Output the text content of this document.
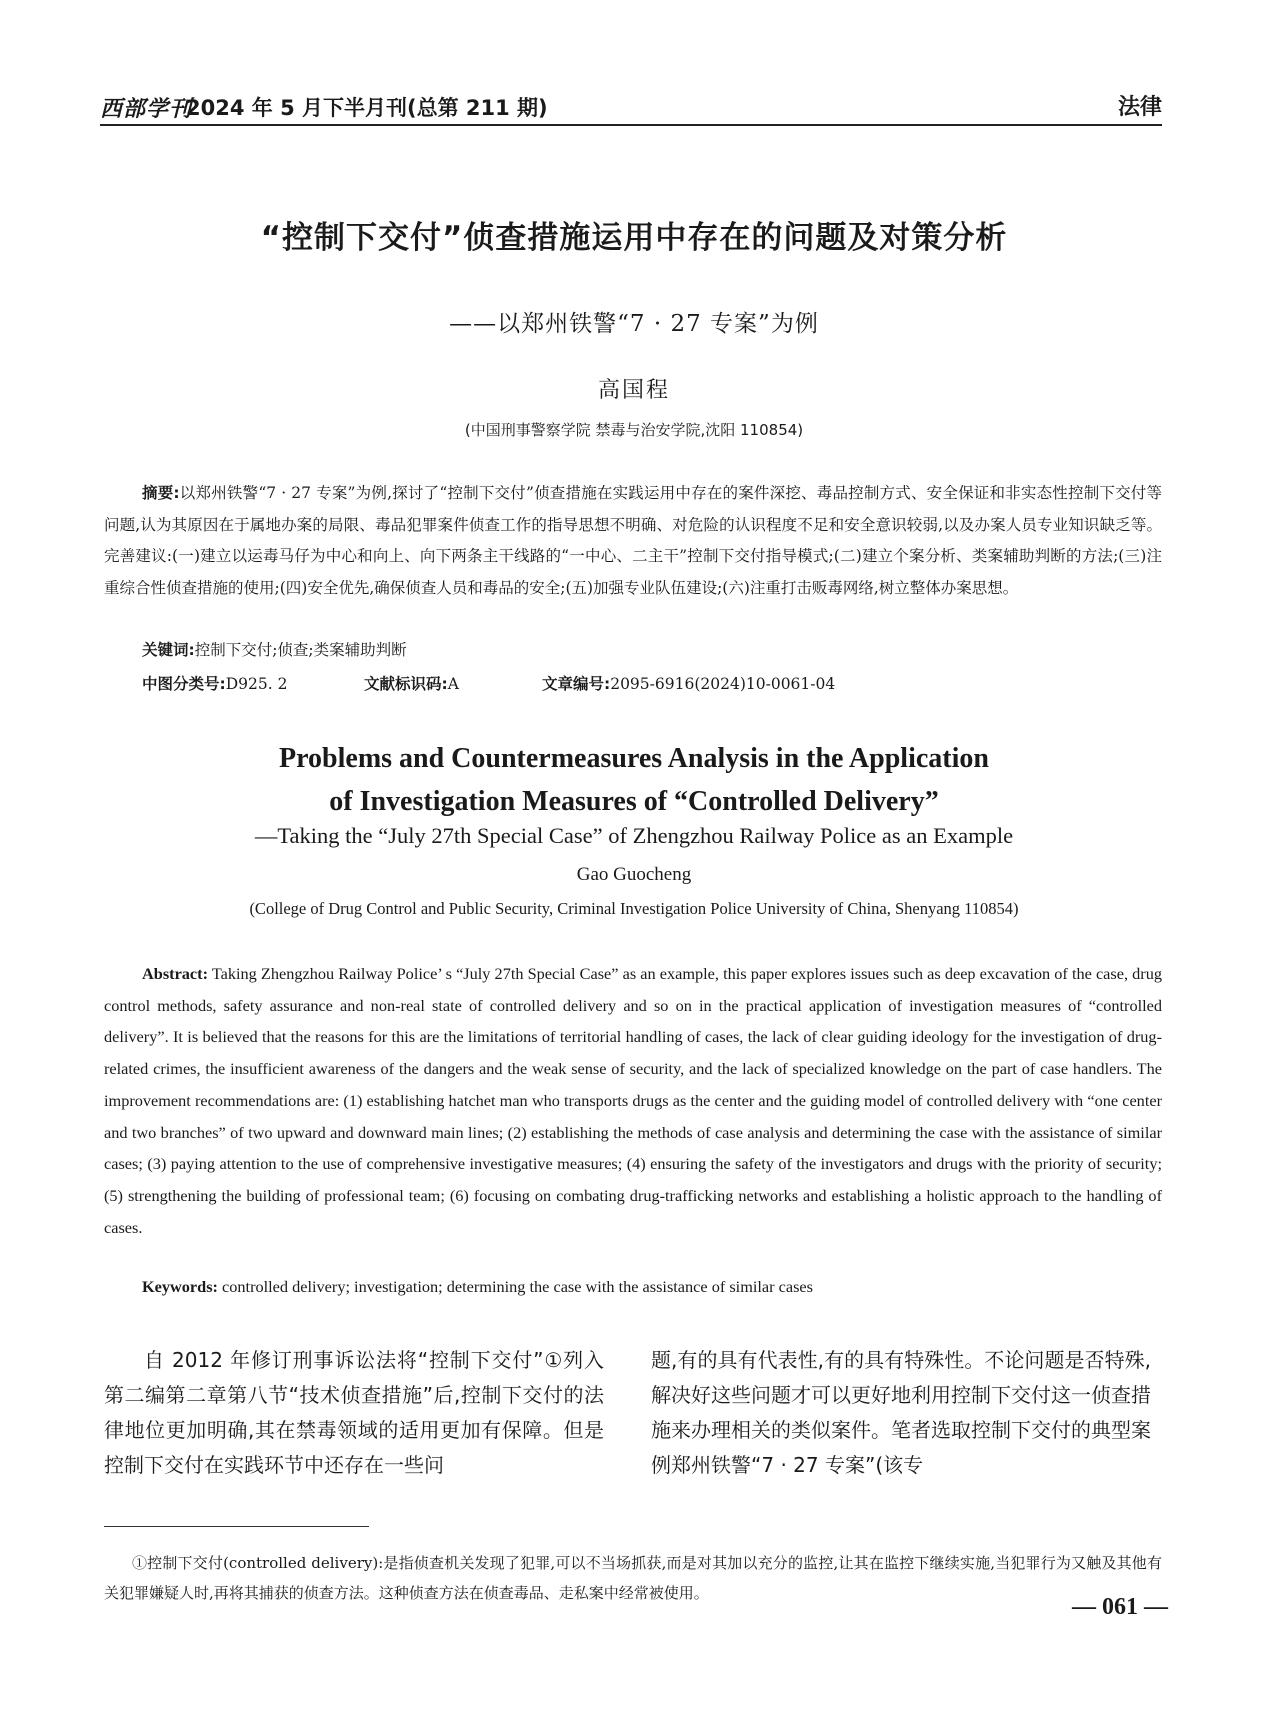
西部学刊
2024 年 5 月下半月刊(总第 211 期)	法律
“控制下交付”侦查措施运用中存在的问题及对策分析
——以郑州铁警“7 · 27 专案”为例
高国程
(中国刑事警察学院 禁毒与治安学院,沈阳 110854)
摘要:以郑州铁警“7 · 27 专案”为例,探讨了“控制下交付”侦查措施在实践运用中存在的案件深挖、毒品控制方式、安全保证和非实态性控制下交付等问题,认为其原因在于属地办案的局限、毒品犯罪案件侦查工作的指导思想不明确、对危险的认识程度不足和安全意识较弱,以及办案人员专业知识缺乏等。完善建议:(一)建立以运毒马仔为中心和向上、向下两条主干线路的“一中心、二主干”控制下交付指导模式;(二)建立个案分析、类案辅助判断的方法;(三)注重综合性侦查措施的使用;(四)安全优先,确保侦查人员和毒品的安全;(五)加强专业队伍建设;(六)注重打击贩毒网络,树立整体办案思想。
关键词:控制下交付;侦查;类案辅助判断
中图分类号:D925. 2	文献标识码:A	文章编号:2095-6916(2024)10-0061-04
Problems and Countermeasures Analysis in the Application
of Investigation Measures of “Controlled Delivery”
—Taking the “July 27th Special Case” of Zhengzhou Railway Police as an Example
Gao Guocheng
(College of Drug Control and Public Security, Criminal Investigation Police University of China, Shenyang 110854)
Abstract: Taking Zhengzhou Railway Police’ s “July 27th Special Case” as an example, this paper explores issues such as deep excavation of the case, drug control methods, safety assurance and non-real state of controlled delivery and so on in the practical application of investigation measures of “controlled delivery”. It is believed that the reasons for this are the limitations of territorial handling of cases, the lack of clear guiding ideology for the investigation of drug-related crimes, the insufficient awareness of the dangers and the weak sense of security, and the lack of specialized knowledge on the part of case handlers. The improvement recommendations are: (1) establishing hatchet man who transports drugs as the center and the guiding model of controlled delivery with “one center and two branches” of two upward and downward main lines; (2) establishing the methods of case analysis and determining the case with the assistance of similar cases; (3) paying attention to the use of comprehensive investigative measures; (4) ensuring the safety of the investigators and drugs with the priority of security; (5) strengthening the building of professional team; (6) focusing on combating drug-trafficking networks and establishing a holistic approach to the handling of cases.
Keywords: controlled delivery; investigation; determining the case with the assistance of similar cases
自 2012 年修订刑事诉讼法将“控制下交付”①列入第二编第二章第八节“技术侦查措施”后,控制下交付的法律地位更加明确,其在禁毒领域的适用更加有保障。但是控制下交付在实践环节中还存在一些问
题,有的具有代表性,有的具有特殊性。不论问题是否特殊,解决好这些问题才可以更好地利用控制下交付这一侦查措施来办理相关的类似案件。笔者选取控制下交付的典型案例郑州铁警“7 · 27 专案”(该专
①控制下交付(controlled delivery):是指侦查机关发现了犯罪,可以不当场抓获,而是对其加以充分的监控,让其在监控下继续实施,当犯罪行为又触及其他有关犯罪嫌疑人时,再将其捕获的侦查方法。这种侦查方法在侦查毒品、走私案中经常被使用。
— 061 —
